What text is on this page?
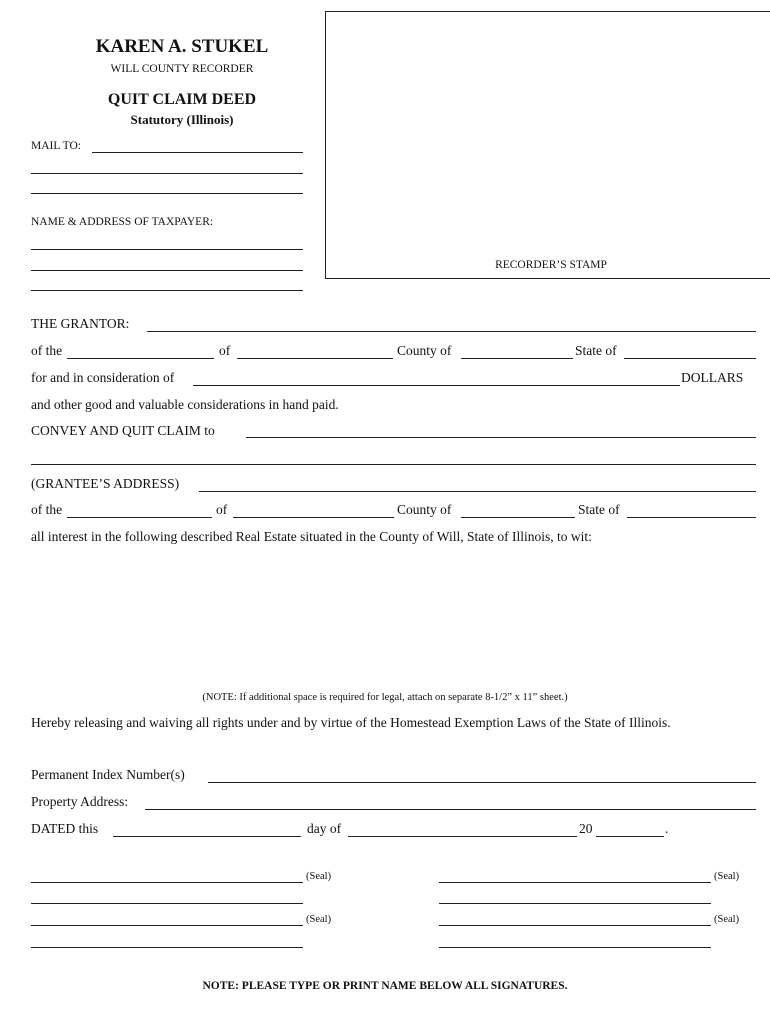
KAREN A. STUKEL
WILL COUNTY RECORDER
QUIT CLAIM DEED
Statutory (Illinois)
MAIL TO:
NAME & ADDRESS OF TAXPAYER:
RECORDER’S STAMP
THE GRANTOR:
of the	of	County of	State of
for and in consideration of	DOLLARS
and other good and valuable considerations in hand paid.
CONVEY AND QUIT CLAIM to
(GRANTEE’S ADDRESS)
of the	of	County of	State of
all interest in the following described Real Estate situated in the County of Will, State of Illinois, to wit:
(NOTE: If additional space is required for legal, attach on separate 8-1/2” x 11” sheet.)
Hereby releasing and waiving all rights under and by virtue of the Homestead Exemption Laws of the State of Illinois.
Permanent Index Number(s)
Property Address:
DATED this	day of	20	.
(Seal)	(Seal)
(Seal)	(Seal)
NOTE: PLEASE TYPE OR PRINT NAME BELOW ALL SIGNATURES.
